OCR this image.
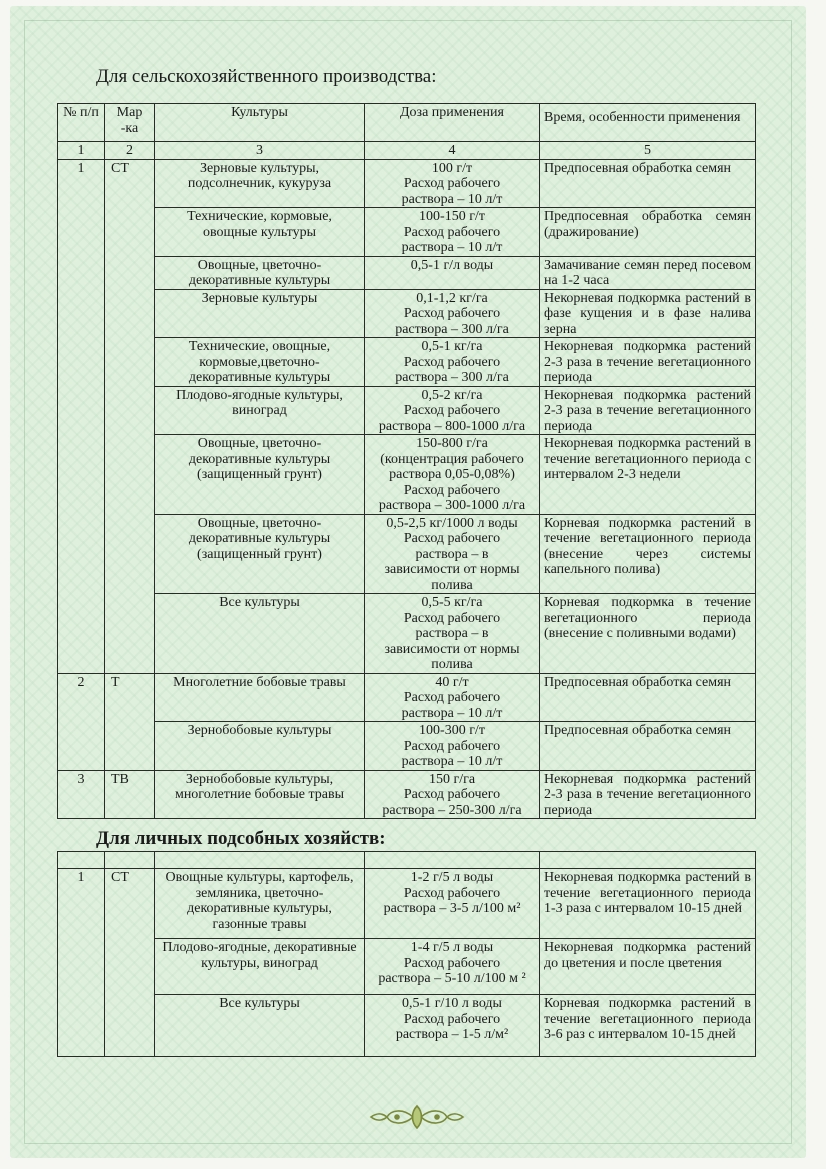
Для сельскохозяйственного производства:
№ п/п	Мар -ка	Культуры	Доза применения	Время, особенности применения
1	2	3	4	5
1	СТ	Зерновые культуры, подсолнечник, кукуруза	100 г/т
Расход рабочего
раствора – 10 л/т	Предпосевная обработка семян
		Технические, кормовые, овощные культуры	100-150 г/т
Расход рабочего
раствора – 10 л/т	Предпосевная обработка семян (дражирование)
		Овощные, цветочно-декоративные культуры	0,5-1 г/л воды	Замачивание семян перед посевом на 1-2 часа
		Зерновые культуры	0,1-1,2 кг/га
Расход рабочего
раствора – 300 л/га	Некорневая подкормка растений в фазе кущения и в фазе налива зерна
		Технические, овощные, кормовые,цветочно-декоративные культуры	0,5-1 кг/га
Расход рабочего
раствора – 300 л/га	Некорневая подкормка растений 2-3 раза в течение вегетационного периода
		Плодово-ягодные культуры, виноград	0,5-2 кг/га
Расход рабочего
раствора – 800-1000 л/га	Некорневая подкормка растений 2-3 раза в течение вегетационного периода
		Овощные, цветочно-декоративные культуры (защищенный грунт)	150-800 г/га
(концентрация рабочего
раствора 0,05-0,08%)
Расход рабочего
раствора – 300-1000 л/га	Некорневая подкормка растений в течение вегетационного периода с интервалом 2-3 недели
		Овощные, цветочно-декоративные культуры (защищенный грунт)	0,5-2,5 кг/1000 л воды
Расход рабочего
раствора – в
зависимости от нормы
полива	Корневая подкормка растений в течение вегетационного периода (внесение через системы капельного полива)
		Все культуры	0,5-5 кг/га
Расход рабочего
раствора – в
зависимости от нормы
полива	Корневая подкормка в течение вегетационного периода (внесение с поливными водами)
2	Т	Многолетние бобовые травы	40 г/т
Расход рабочего
раствора – 10 л/т	Предпосевная обработка семян
		Зернобобовые культуры	100-300 г/т
Расход рабочего
раствора – 10 л/т	Предпосевная обработка семян
3	ТВ	Зернобобовые культуры, многолетние бобовые травы	150 г/га
Расход рабочего
раствора – 250-300 л/га	Некорневая подкормка растений 2-3 раза в течение вегетационного периода
Для личных подсобных хозяйств:

1	СТ	Овощные культуры, картофель, земляника, цветочно-декоративные культуры, газонные травы	1-2 г/5 л воды
Расход рабочего
раствора – 3-5 л/100 м²	Некорневая подкормка растений в течение вегетационного периода 1-3 раза с интервалом 10-15 дней
		Плодово-ягодные, декоративные культуры, виноград	1-4 г/5 л воды
Расход рабочего
раствора – 5-10 л/100 м ²	Некорневая подкормка растений до цветения и после цветения
		Все культуры	0,5-1 г/10 л воды
Расход рабочего
раствора – 1-5 л/м²	Корневая подкормка растений в течение вегетационного периода 3-6 раз с интервалом 10-15 дней
